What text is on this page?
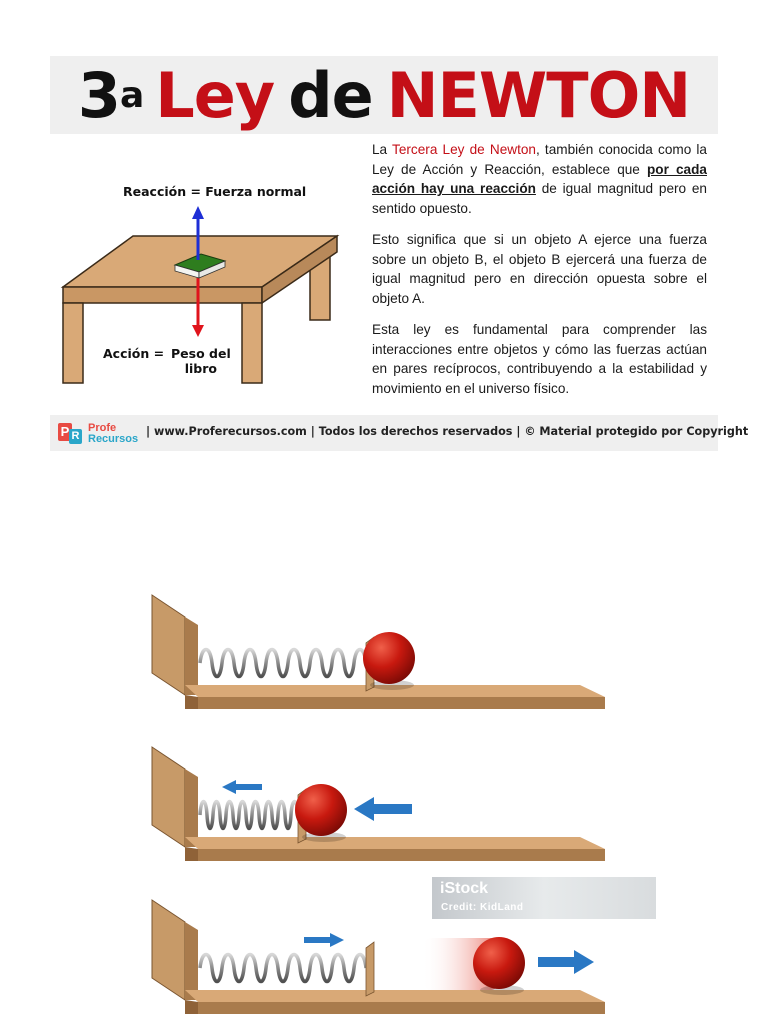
3 a Ley de NEWTON
Reacción = Fuerza normal
Acción = Peso del
libro

La Tercera Ley de Newton, también conocida como la Ley de Acción y Reacción, establece que por cada acción hay una reacción de igual magnitud pero en sentido opuesto.

Esto significa que si un objeto A ejerce una fuerza sobre un objeto B, el objeto B ejercerá una fuerza de igual magnitud pero en dirección opuesta sobre el objeto A.

Esta ley es fundamental para comprender las interacciones entre objetos y cómo las fuerzas actúan en pares recíprocos, contribuyendo a la estabilidad y movimiento en el universo físico.

P R
Profe
Recursos
| www.Proferecursos.com | Todos los derechos reservados | © Material protegido por Copyright
iStock
Credit: KidLand
